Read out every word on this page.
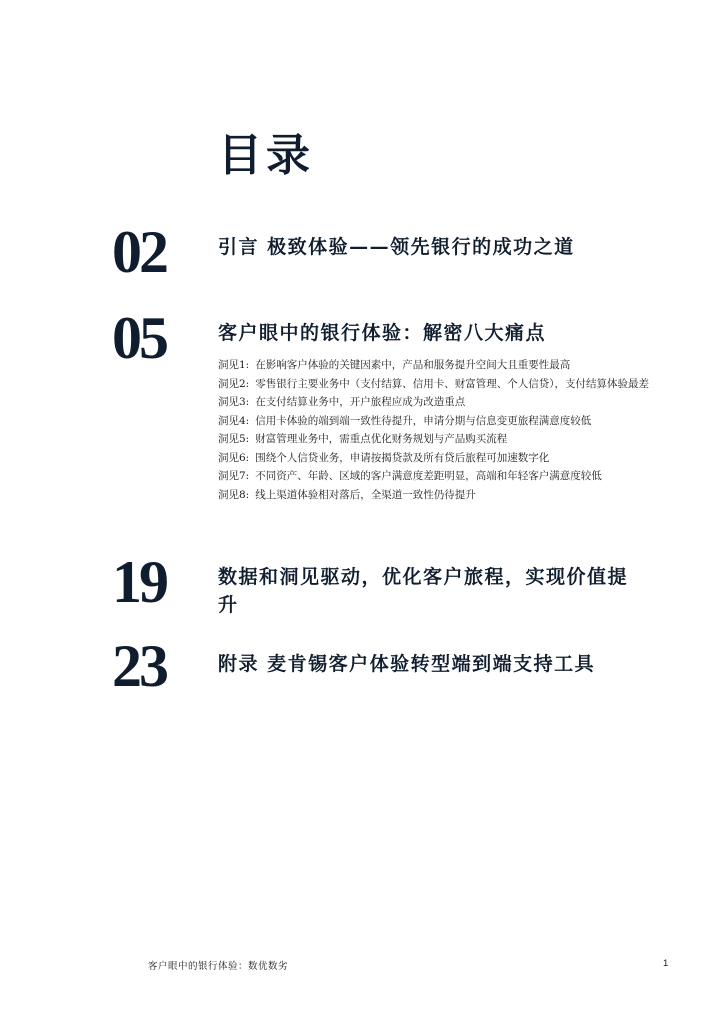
目录
02	引言 极致体验——领先银行的成功之道
05	客户眼中的银行体验：解密八大痛点
洞见1: 在影响客户体验的关键因素中，产品和服务提升空间大且重要性最高
洞见2: 零售银行主要业务中（支付结算、信用卡、财富管理、个人信贷），支付结算体验最差
洞见3: 在支付结算业务中，开户旅程应成为改造重点
洞见4: 信用卡体验的端到端一致性待提升，申请分期与信息变更旅程满意度较低
洞见5: 财富管理业务中，需重点优化财务规划与产品购买流程
洞见6: 围绕个人信贷业务，申请按揭贷款及所有贷后旅程可加速数字化
洞见7: 不同资产、年龄、区域的客户满意度差距明显，高端和年轻客户满意度较低
洞见8: 线上渠道体验相对落后，全渠道一致性仍待提升
19	数据和洞见驱动，优化客户旅程，实现价值提升
23	附录 麦肯锡客户体验转型端到端支持工具
客户眼中的银行体验：数优数劣	1
